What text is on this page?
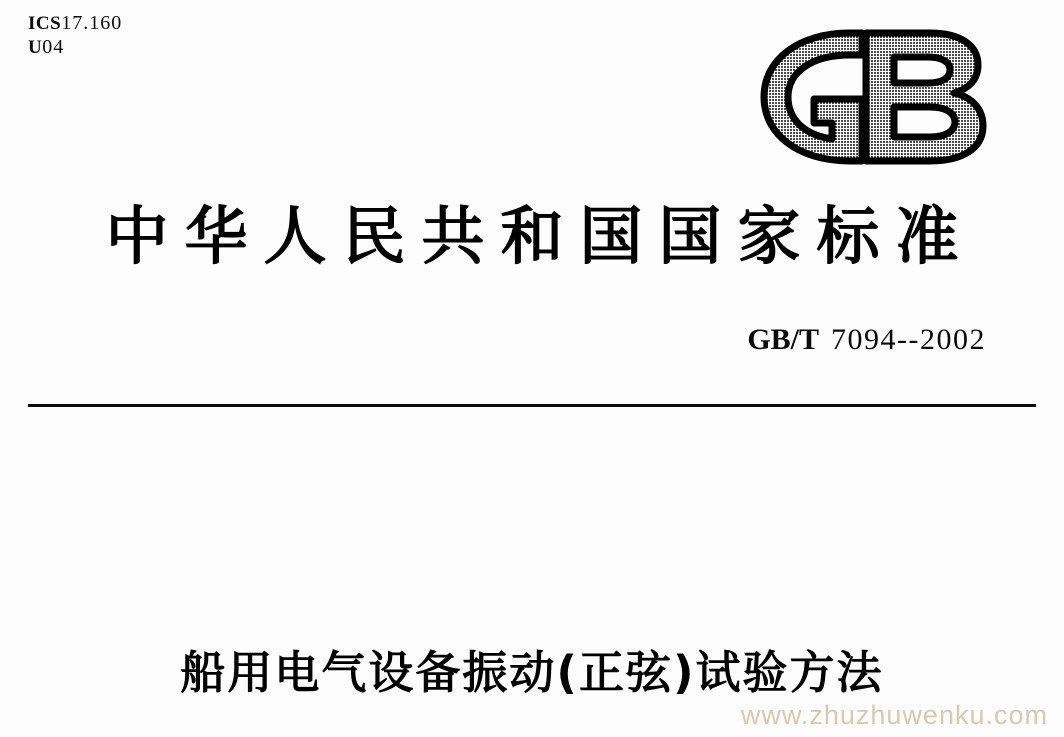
ICS17.160
U04
中华人民共和国国家标准
GB/T 7094--2002
船用电气设备振动(正弦)试验方法
www.zhuzhuwenku.com
